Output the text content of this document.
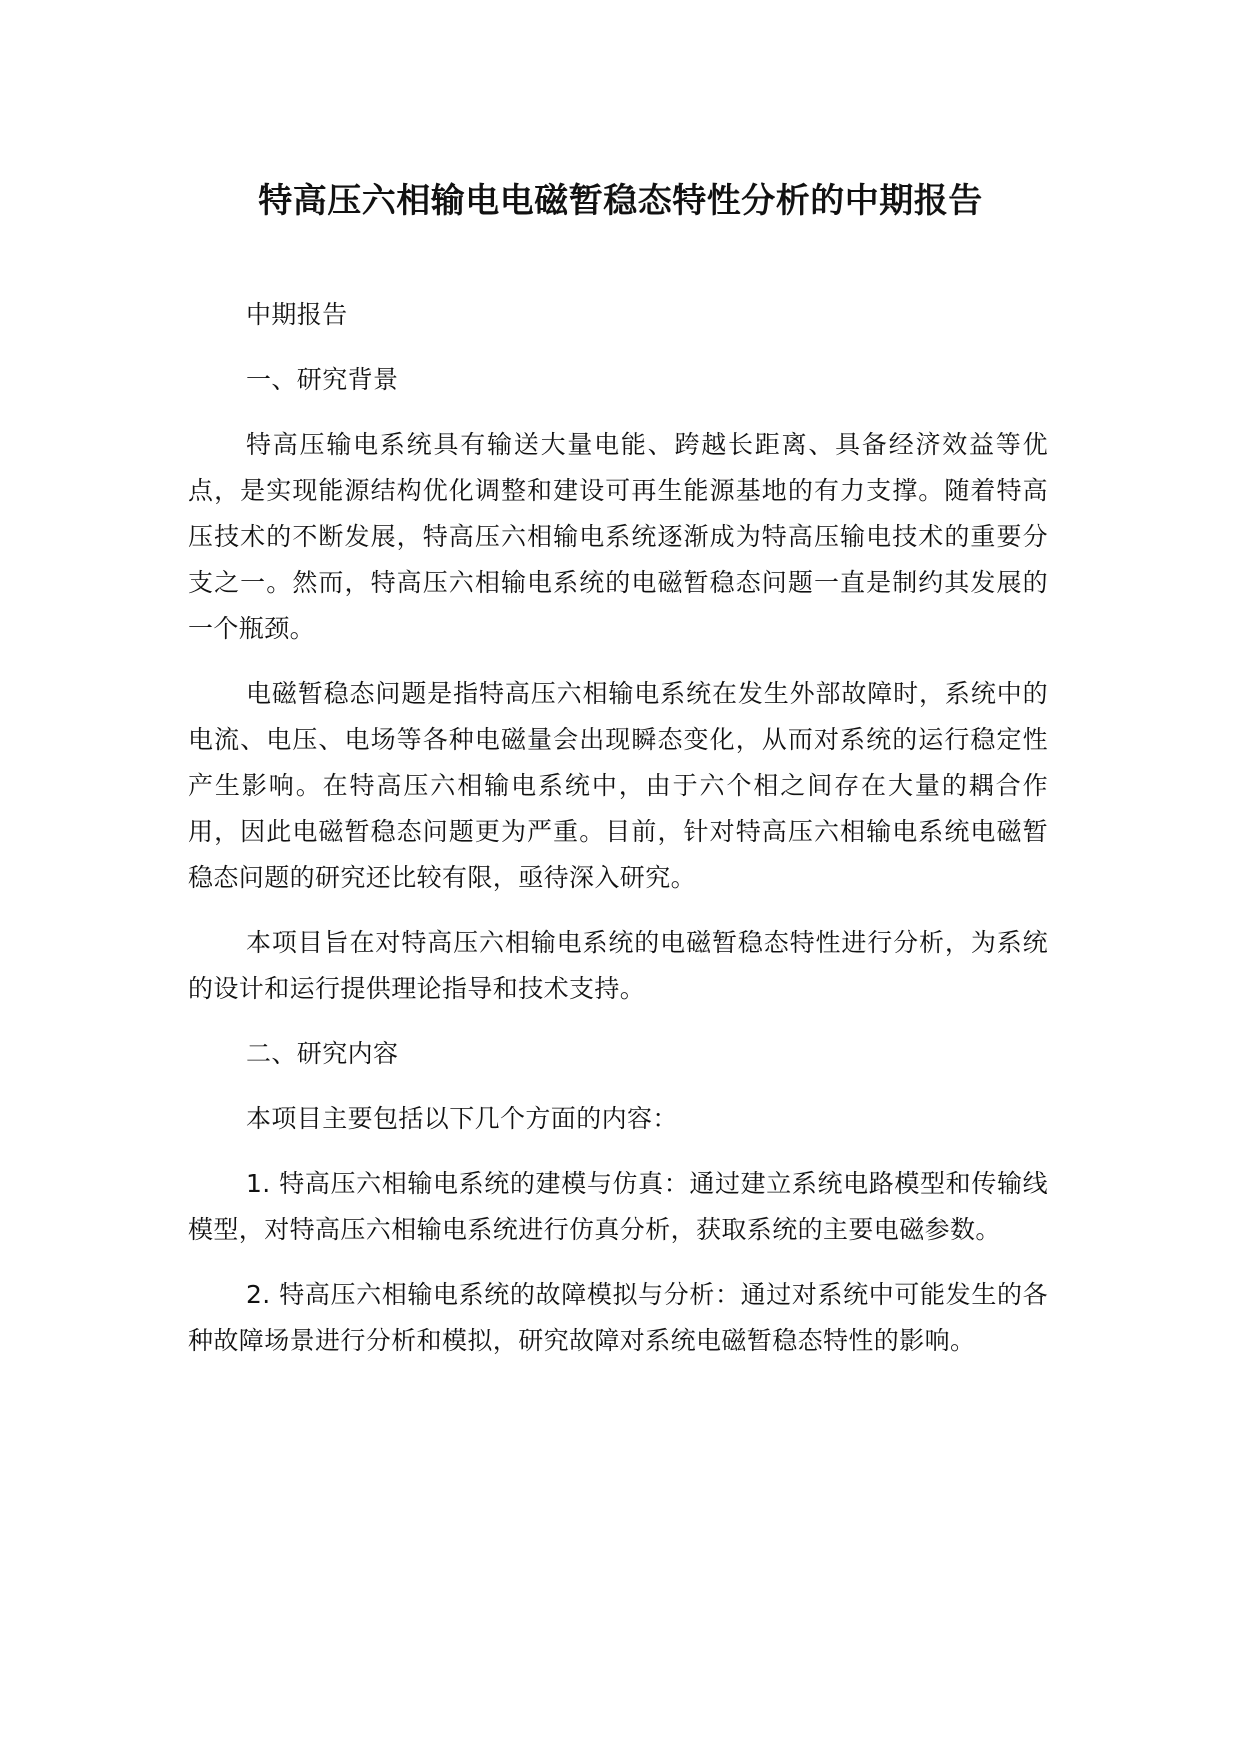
特高压六相输电电磁暂稳态特性分析的中期报告

中期报告

一、研究背景

特高压输电系统具有输送大量电能、跨越长距离、具备经济效益等优点，是实现能源结构优化调整和建设可再生能源基地的有力支撑。随着特高压技术的不断发展，特高压六相输电系统逐渐成为特高压输电技术的重要分支之一。然而，特高压六相输电系统的电磁暂稳态问题一直是制约其发展的一个瓶颈。

电磁暂稳态问题是指特高压六相输电系统在发生外部故障时，系统中的电流、电压、电场等各种电磁量会出现瞬态变化，从而对系统的运行稳定性产生影响。在特高压六相输电系统中，由于六个相之间存在大量的耦合作用，因此电磁暂稳态问题更为严重。目前，针对特高压六相输电系统电磁暂稳态问题的研究还比较有限，亟待深入研究。

本项目旨在对特高压六相输电系统的电磁暂稳态特性进行分析，为系统的设计和运行提供理论指导和技术支持。

二、研究内容

本项目主要包括以下几个方面的内容：

1. 特高压六相输电系统的建模与仿真：通过建立系统电路模型和传输线模型，对特高压六相输电系统进行仿真分析，获取系统的主要电磁参数。

2. 特高压六相输电系统的故障模拟与分析：通过对系统中可能发生的各种故障场景进行分析和模拟，研究故障对系统电磁暂稳态特性的影响。
